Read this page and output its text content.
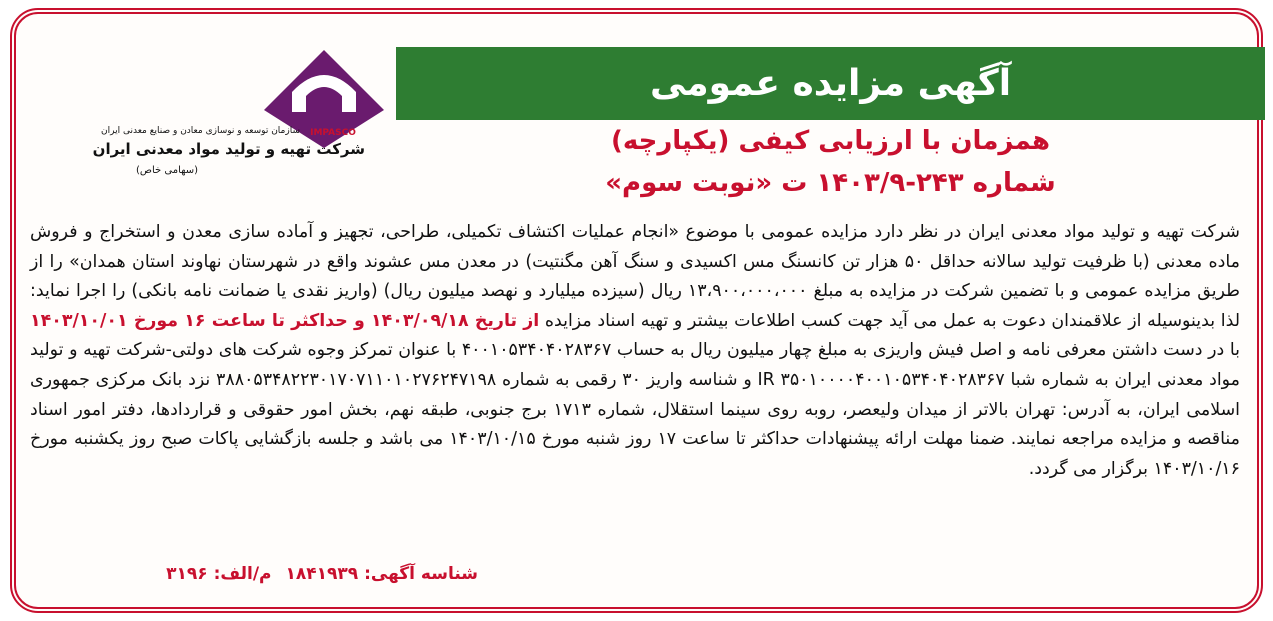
آگهی مزایده عمومی
IMPASCO
سازمان توسعه و نوسازی معادن و صنایع معدنی ایران
شرکت تهیه و تولید مواد معدنی ایران
(سهامی خاص)
همزمان با ارزیابی کیفی (یکپارچه)
شماره ۲۴۳-۱۴۰۳/۹ ت «نوبت سوم»
شرکت تهیه و تولید مواد معدنی ایران در نظر دارد مزایده عمومی با موضوع «انجام عملیات اکتشاف تکمیلی، طراحی، تجهیز و آماده سازی معدن و استخراج و فروش ماده معدنی (با ظرفیت تولید سالانه حداقل ۵۰ هزار تن کانسنگ مس اکسیدی و سنگ آهن مگنتیت) در معدن مس عشوند واقع در شهرستان نهاوند استان همدان» را از طریق مزایده عمومی و با تضمین شرکت در مزایده به مبلغ ۱۳،۹۰۰،۰۰۰،۰۰۰ ریال (سیزده میلیارد و نهصد میلیون ریال) (واریز نقدی یا ضمانت نامه بانکی) را اجرا نماید: لذا بدینوسیله از علاقمندان دعوت به عمل می آید جهت کسب اطلاعات بیشتر و تهیه اسناد مزایده از تاریخ ۱۴۰۳/۰۹/۱۸ و حداکثر تا ساعت ۱۶ مورخ ۱۴۰۳/۱۰/۰۱ با در دست داشتن معرفی نامه و اصل فیش واریزی به مبلغ چهار میلیون ریال به حساب ۴۰۰۱۰۵۳۴۰۴۰۲۸۳۶۷ با عنوان تمرکز وجوه شرکت های دولتی-شرکت تهیه و تولید مواد معدنی ایران به شماره شبا IR ۳۵۰۱۰۰۰۰۴۰۰۱۰۵۳۴۰۴۰۲۸۳۶۷ و شناسه واریز ۳۰ رقمی به شماره ۳۸۸۰۵۳۴۸۲۲۳۰۱۷۰۷۱۱۰۱۰۲۷۶۲۴۷۱۹۸ نزد بانک مرکزی جمهوری اسلامی ایران، به آدرس: تهران بالاتر از میدان ولیعصر، روبه روی سینما استقلال، شماره ۱۷۱۳ برج جنوبی، طبقه نهم، بخش امور حقوقی و قراردادها، دفتر امور اسناد مناقصه و مزایده مراجعه نمایند. ضمنا مهلت ارائه پیشنهادات حداکثر تا ساعت ۱۷ روز شنبه مورخ ۱۴۰۳/۱۰/۱۵ می باشد و جلسه بازگشایی پاکات صبح روز یکشنبه مورخ ۱۴۰۳/۱۰/۱۶ برگزار می گردد.
شناسه آگهی: ۱۸۴۱۹۳۹م/الف: ۳۱۹۶
